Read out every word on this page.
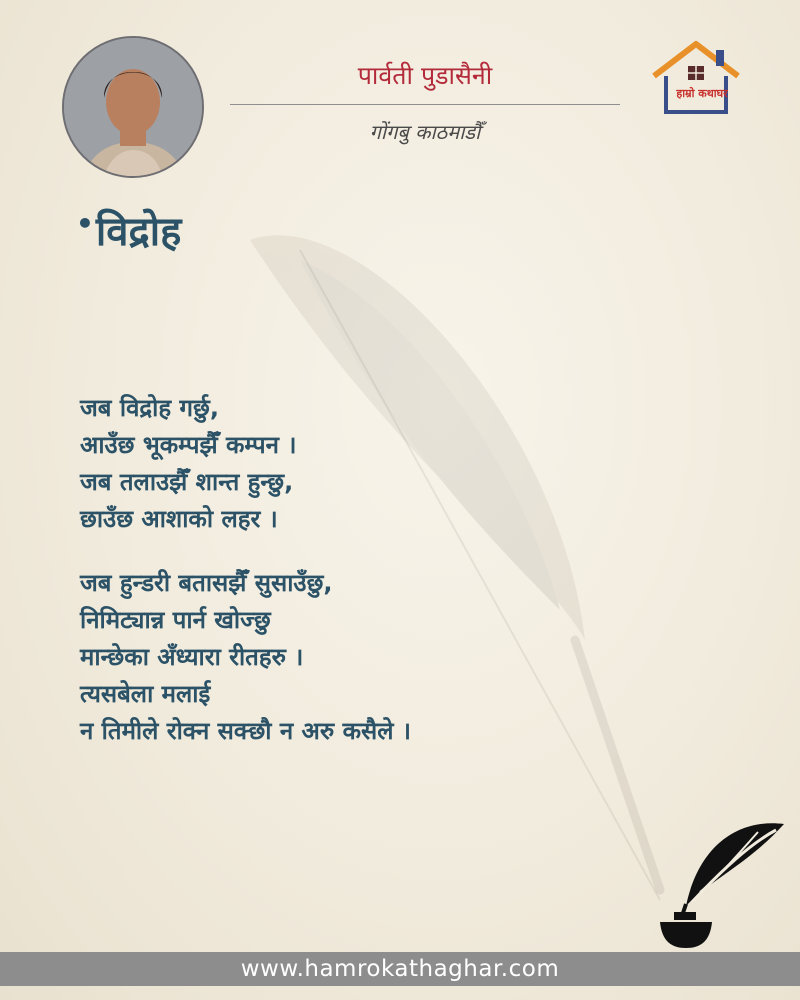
पार्वती पुडासैनी
गोंगबु काठमाडौँ
हाम्रो कथाघर
•विद्रोह
जब विद्रोह गर्छु,
आउँछ भूकम्पझैँ कम्पन ।
जब तलाउझैँ शान्त हुन्छु,
छाउँछ आशाको लहर ।
जब हुन्डरी बतासझैँ सुसाउँछु,
निमिट्यान्न पार्न खोज्छु
मान्छेका अँध्यारा रीतहरु ।
त्यसबेला मलाई
न तिमीले रोक्न सक्छौ न अरु कसैले ।
www.hamrokathaghar.com
